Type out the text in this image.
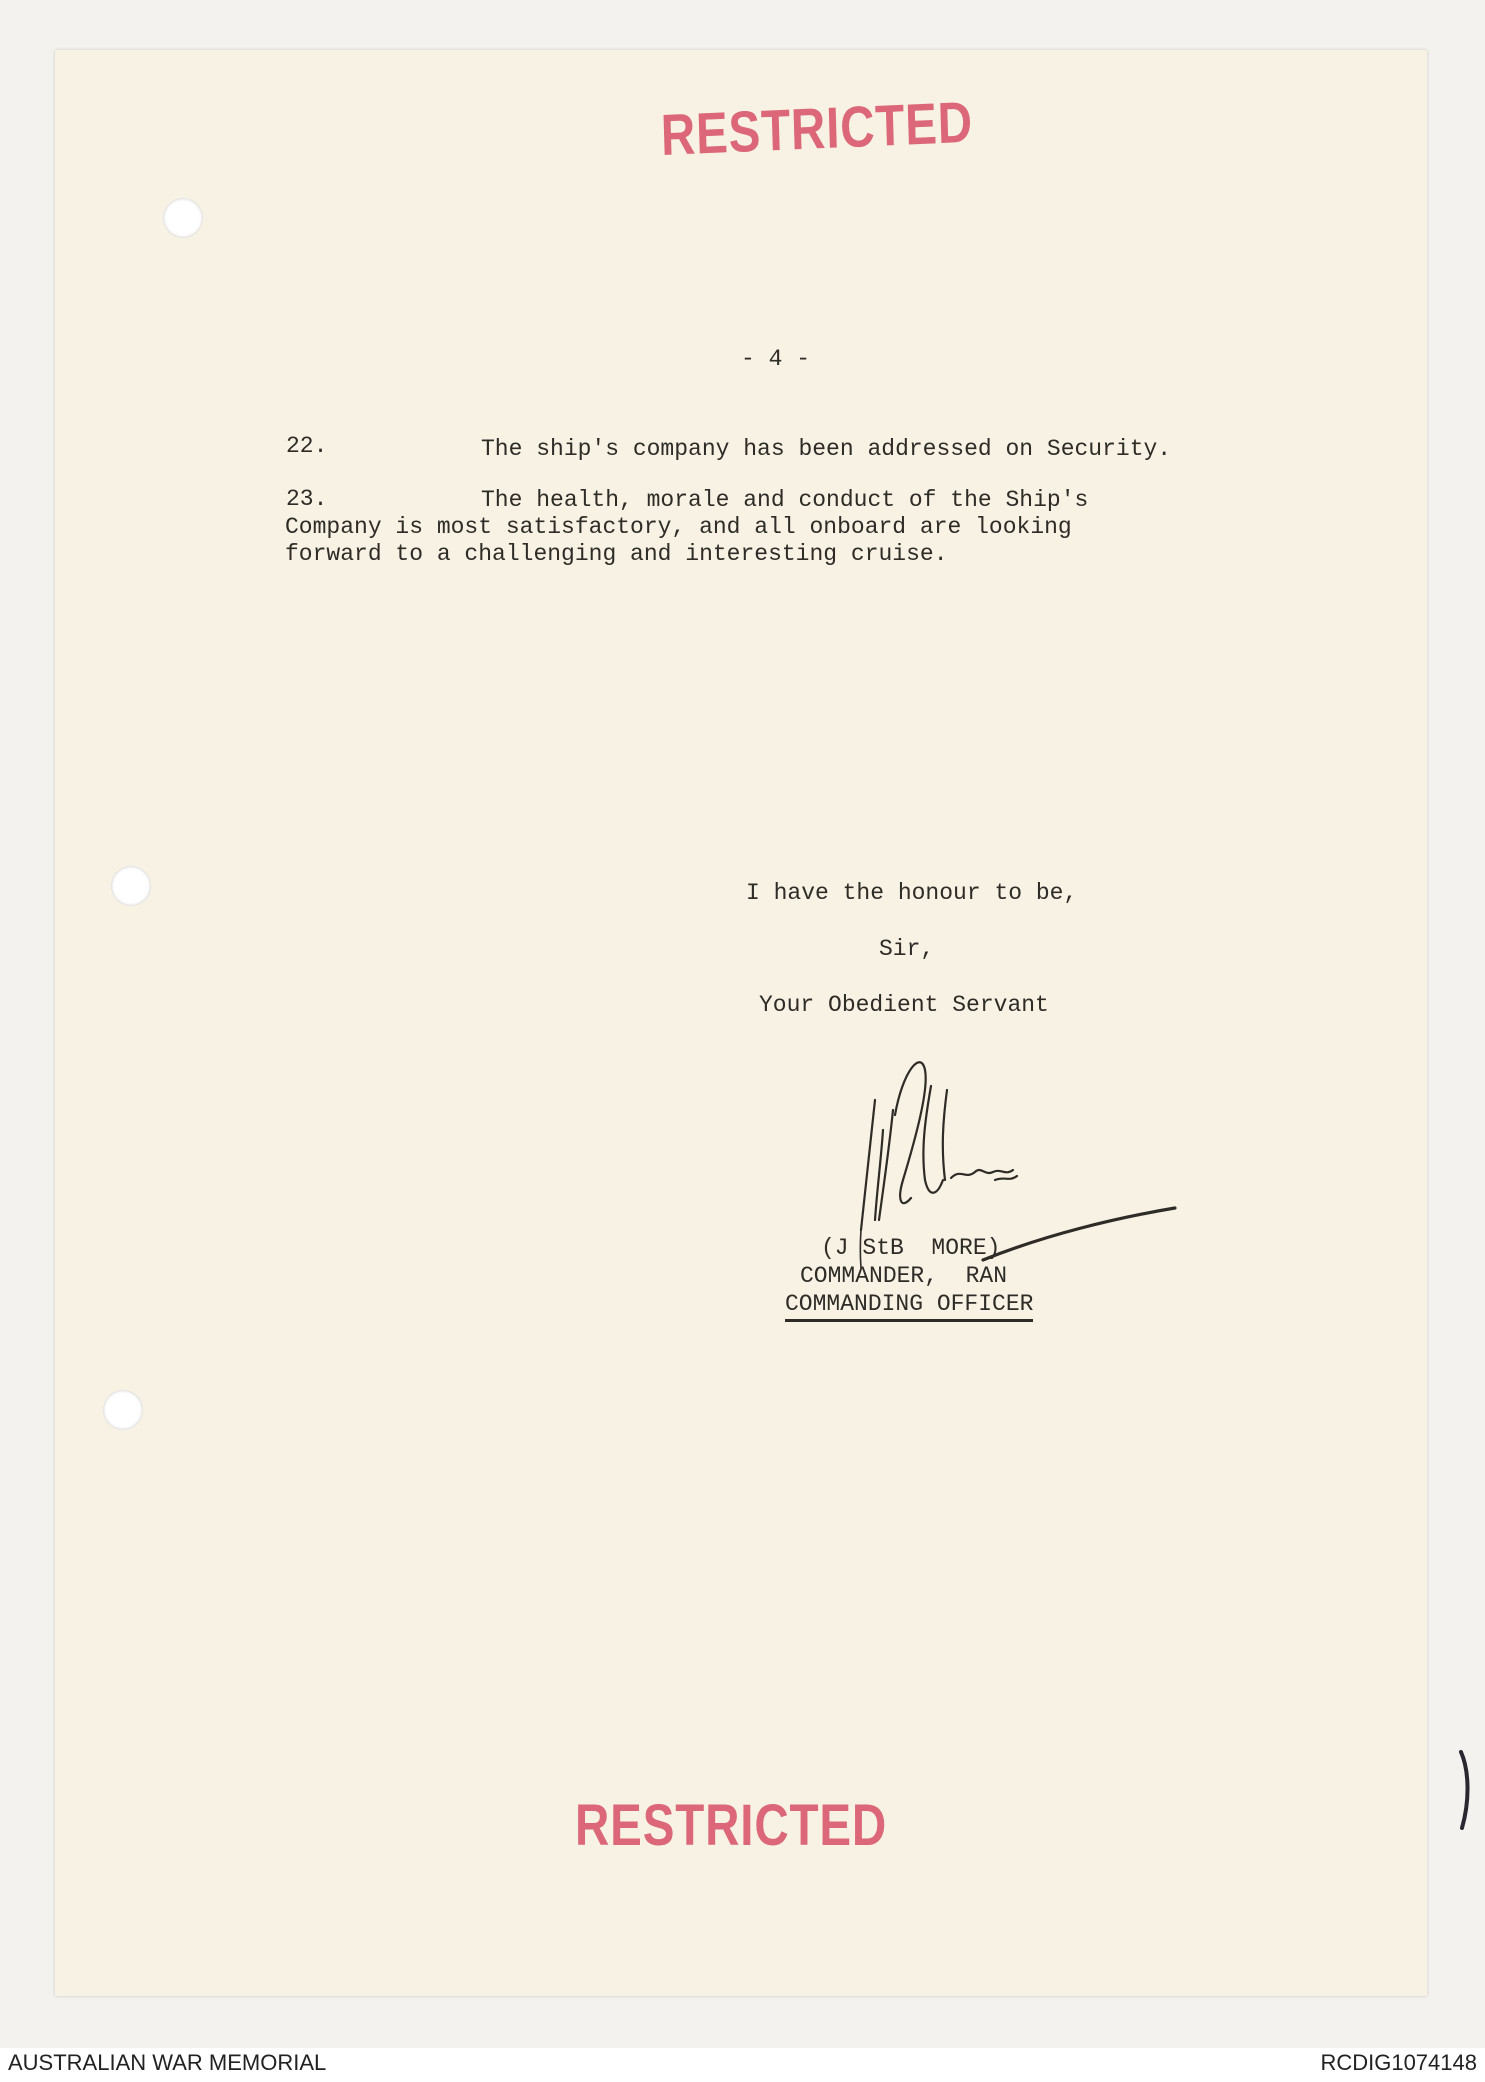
RESTRICTED
- 4 -
22.	The ship's company has been addressed on Security.
23.	The health, morale and conduct of the Ship's
Company is most satisfactory, and all onboard are looking
forward to a challenging and interesting cruise.
I have the honour to be,
Sir,
Your Obedient Servant
(J StB  MORE)
COMMANDER,  RAN
COMMANDING OFFICER
RESTRICTED
AUSTRALIAN WAR MEMORIAL	RCDIG1074148
